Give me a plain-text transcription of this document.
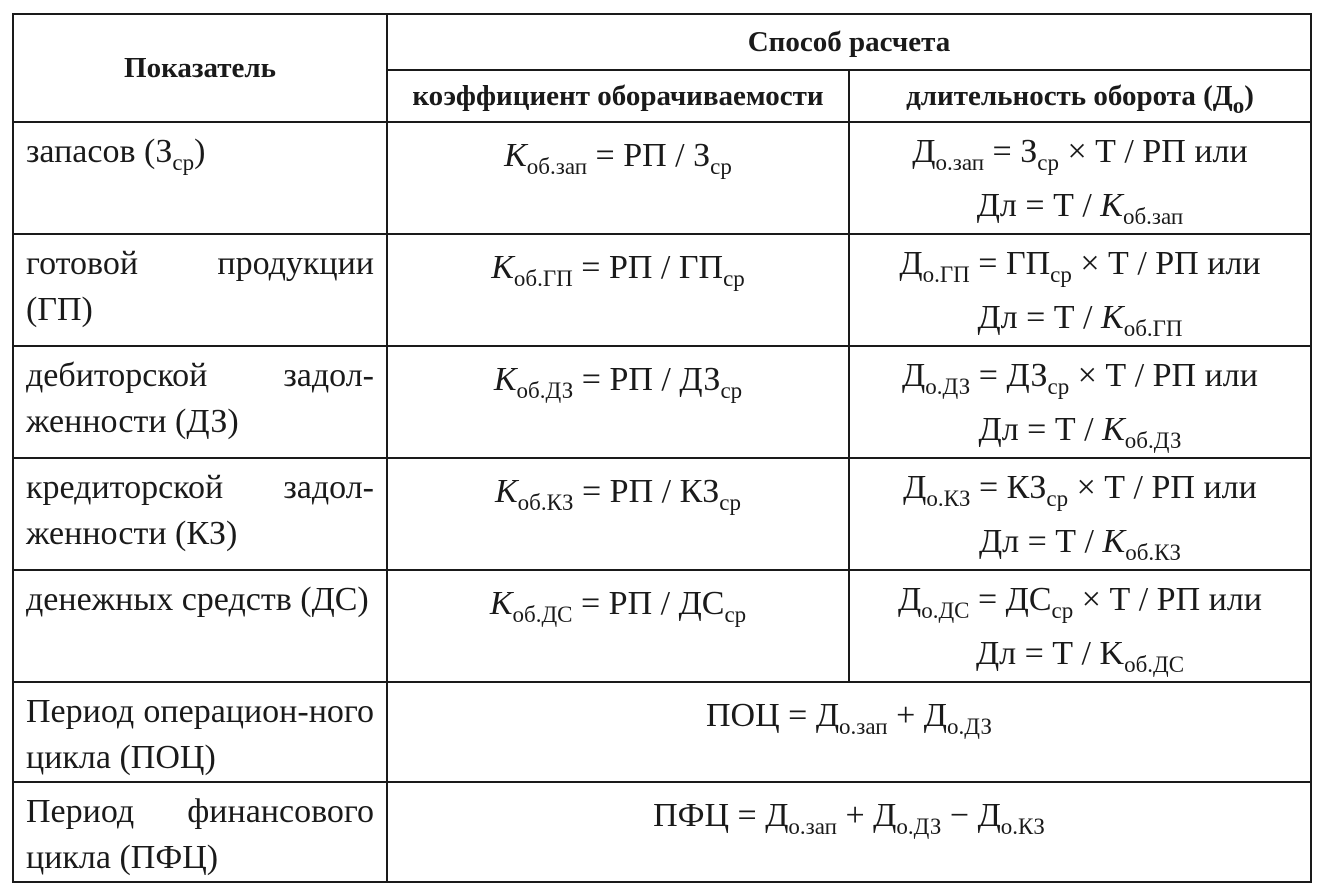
Показатель	Способ расчета	
	коэффициент оборачиваемости	длительность оборота $(Д_о)$
запасов $(З_{ср})$	$K_{об.зап}$ = РП / $З_{ср}$	$Д_{о.зап} = З_{ср} \times Т$ / РП или
Дл = Т / $K_{об.зап}$

готовой продукции (ГП)	$K_{об.ГП}$ = РП / $ГП_{ср}$	$Д_{о.ГП} = ГП_{ср} \times Т$ / РП или
Дл = Т / $K_{об.ГП}$

дебиторской задол-женности (ДЗ)	$K_{об.ДЗ}$ = РП / $ДЗ_{ср}$	$Д_{о.ДЗ} = ДЗ_{ср} \times Т$ / РП или
Дл = Т / $K_{об.ДЗ}$

кредиторской задол-женности (КЗ)	$K_{об.КЗ}$ = РП / $КЗ_{ср}$	$Д_{о.КЗ} = КЗ_{ср} \times Т$ / РП или
Дл = Т / $K_{об.КЗ}$

денежных средств (ДС)	$K_{об.ДС}$ = РП / $ДС_{ср}$	$Д_{о.ДС} = ДС_{ср} \times Т$ / РП или
Дл = Т / $K_{об.ДС}$

Период операцион-ного цикла (ПОЦ)	ПОЦ = $Д_{о.зап} + Д_{о.ДЗ}$
Период финансового цикла (ПФЦ)	ПФЦ = $Д_{о.зап} + Д_{о.ДЗ} - Д_{о.КЗ}$
